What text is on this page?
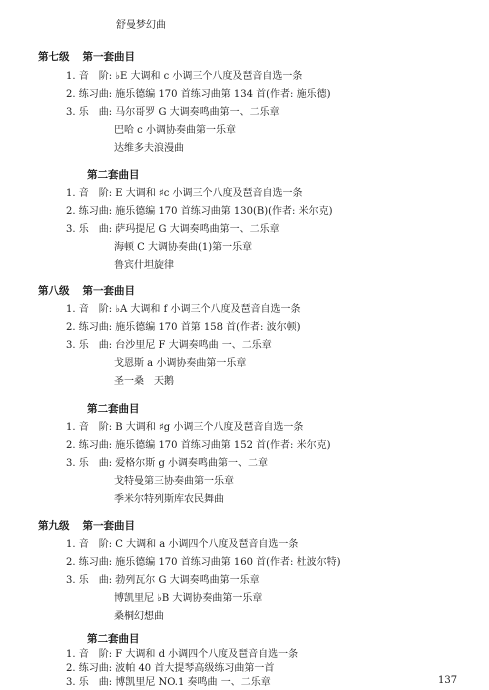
舒曼梦幻曲
第七级 第一套曲目
1. 音　阶: ♭E 大调和 c 小调三个八度及琶音自选一条
2. 练习曲: 施乐德编 170 首练习曲第 134 首(作者: 施乐德)
3. 乐　曲: 马尔哥罗 G 大调奏鸣曲第一、二乐章
巴哈 c 小调协奏曲第一乐章
达维多夫浪漫曲
第二套曲目
1. 音　阶: E 大调和 ♯c 小调三个八度及琶音自选一条
2. 练习曲: 施乐德编 170 首练习曲第 130(B)(作者: 米尔克)
3. 乐　曲: 萨玛提尼 G 大调奏鸣曲第一、二乐章
海顿 C 大调协奏曲(1)第一乐章
鲁宾什坦旋律
第八级 第一套曲目
1. 音　阶: ♭A 大调和 f 小调三个八度及琶音自选一条
2. 练习曲: 施乐德编 170 首第 158 首(作者: 波尔顿)
3. 乐　曲: 台沙里尼 F 大调奏鸣曲 一、二乐章
戈恩斯 a 小调协奏曲第一乐章
圣一桑　天鹅
第二套曲目
1. 音　阶: B 大调和 ♯g 小调三个八度及琶音自选一条
2. 练习曲: 施乐德编 170 首练习曲第 152 首(作者: 米尔克)
3. 乐　曲: 爱格尔斯 g 小调奏鸣曲第一、二章
戈特曼第三协奏曲第一乐章
季米尔特列斯库农民舞曲
第九级 第一套曲目
1. 音　阶: C 大调和 a 小调四个八度及琶音自选一条
2. 练习曲: 施乐德编 170 首练习曲第 160 首(作者: 杜波尔特)
3. 乐　曲: 勃列瓦尔 G 大调奏鸣曲第一乐章
博凯里尼 ♭B 大调协奏曲第一乐章
桑桐幻想曲
第二套曲目
1. 音　阶: F 大调和 d 小调四个八度及琶音自选一条
2. 练习曲: 波帕 40 首大提琴高级练习曲第一首
3. 乐　曲: 博凯里尼 NO.1 奏鸣曲 一、二乐章	137
